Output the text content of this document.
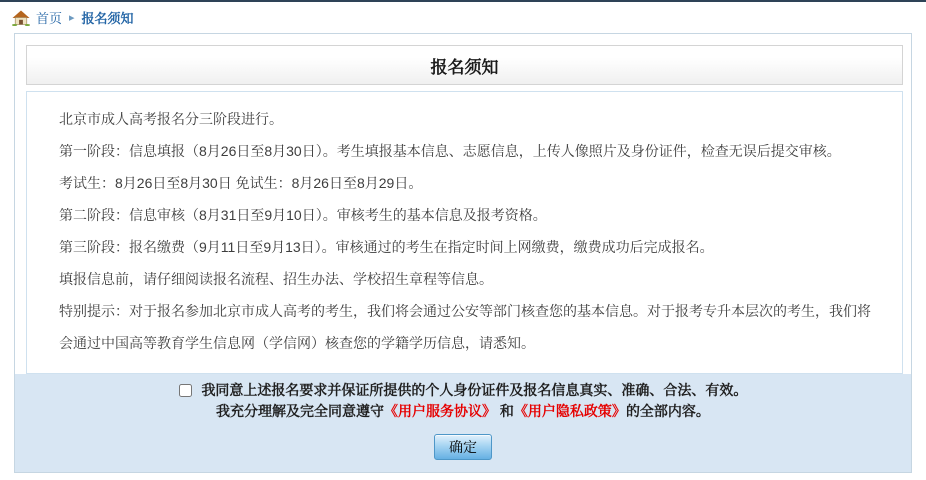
首页 ▸ 报名须知
报名须知

北京市成人高考报名分三阶段进行。

第一阶段：信息填报（8月26日至8月30日）。考生填报基本信息、志愿信息，上传人像照片及身份证件，检查无误后提交审核。

考试生：8月26日至8月30日 免试生：8月26日至8月29日。

第二阶段：信息审核（8月31日至9月10日）。审核考生的基本信息及报考资格。

第三阶段：报名缴费（9月11日至9月13日）。审核通过的考生在指定时间上网缴费，缴费成功后完成报名。

填报信息前，请仔细阅读报名流程、招生办法、学校招生章程等信息。

特别提示：对于报名参加北京市成人高考的考生，我们将会通过公安等部门核查您的基本信息。对于报考专升本层次的考生，我们将会通过中国高等教育学生信息网（学信网）核查您的学籍学历信息，请悉知。

我同意上述报名要求并保证所提供的个人身份证件及报名信息真实、准确、合法、有效。
我充分理解及完全同意遵守《用户服务协议》 和《用户隐私政策》的全部内容。
确定
